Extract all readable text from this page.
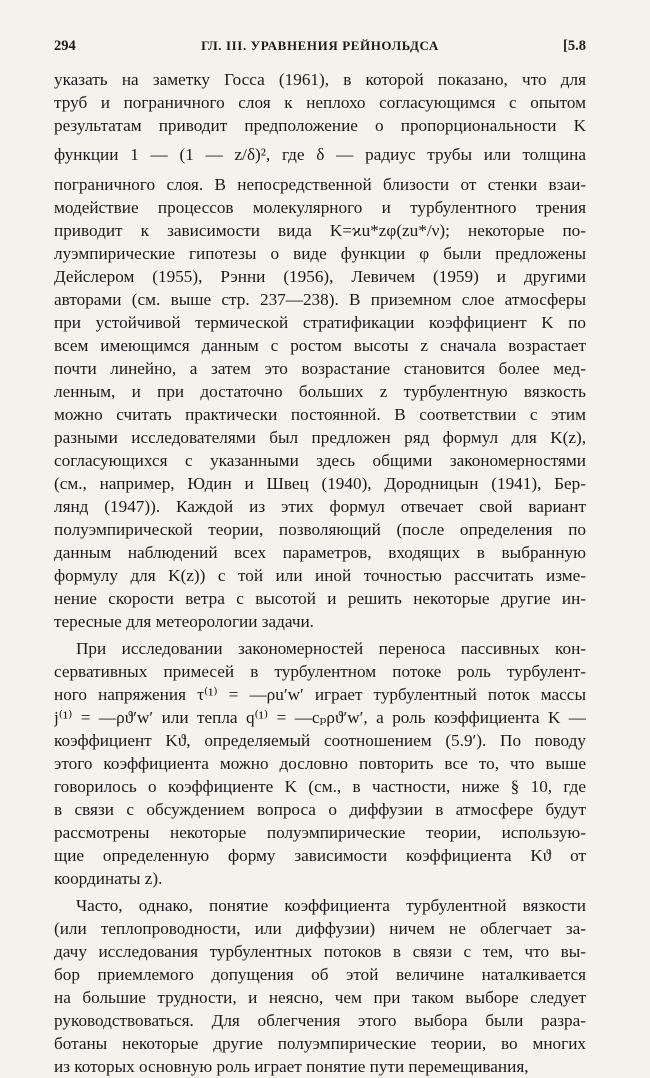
294	ГЛ. III. УРАВНЕНИЯ РЕЙНОЛЬДСА	[5.8
указать на заметку Госса (1961), в которой показано, что для
труб и пограничного слоя к неплохо согласующимся с опытом
результатам приводит предположение о пропорциональности K
функции 1 — (1 — z/δ)², где δ — радиус трубы или толщина
пограничного слоя. В непосредственной близости от стенки взаи-
модействие процессов молекулярного и турбулентного трения
приводит к зависимости вида K=ϰu*zφ(zu*/ν); некоторые по-
луэмпирические гипотезы о виде функции φ были предложены
Дейслером (1955), Рэнни (1956), Левичем (1959) и другими
авторами (см. выше стр. 237—238). В приземном слое атмосферы
при устойчивой термической стратификации коэффициент K по
всем имеющимся данным с ростом высоты z сначала возрастает
почти линейно, а затем это возрастание становится более мед-
ленным, и при достаточно больших z турбулентную вязкость
можно считать практически постоянной. В соответствии с этим
разными исследователями был предложен ряд формул для K(z),
согласующихся с указанными здесь общими закономерностями
(см., например, Юдин и Швец (1940), Дородницын (1941), Бер-
лянд (1947)). Каждой из этих формул отвечает свой вариант
полуэмпирической теории, позволяющий (после определения по
данным наблюдений всех параметров, входящих в выбранную
формулу для K(z)) с той или иной точностью рассчитать изме-
нение скорости ветра с высотой и решить некоторые другие ин-
тересные для метеорологии задачи.
При исследовании закономерностей переноса пассивных кон-
сервативных примесей в турбулентном потоке роль турбулент-
ного напряжения τ⁽¹⁾ = —ρu′w′ играет турбулентный поток массы
j⁽¹⁾ = —ρϑ′w′ или тепла q⁽¹⁾ = —cₚρϑ′w′, а роль коэффициента K —
коэффициент Kϑ, определяемый соотношением (5.9′). По поводу
этого коэффициента можно дословно повторить все то, что выше
говорилось о коэффициенте K (см., в частности, ниже § 10, где
в связи с обсуждением вопроса о диффузии в атмосфере будут
рассмотрены некоторые полуэмпирические теории, использую-
щие определенную форму зависимости коэффициента Kϑ от
координаты z).
Часто, однако, понятие коэффициента турбулентной вязкости
(или теплопроводности, или диффузии) ничем не облегчает за-
дачу исследования турбулентных потоков в связи с тем, что вы-
бор приемлемого допущения об этой величине наталкивается
на большие трудности, и неясно, чем при таком выборе следует
руководствоваться. Для облегчения этого выбора были разра-
ботаны некоторые другие полуэмпирические теории, во многих
из которых основную роль играет понятие пути перемещивания,
